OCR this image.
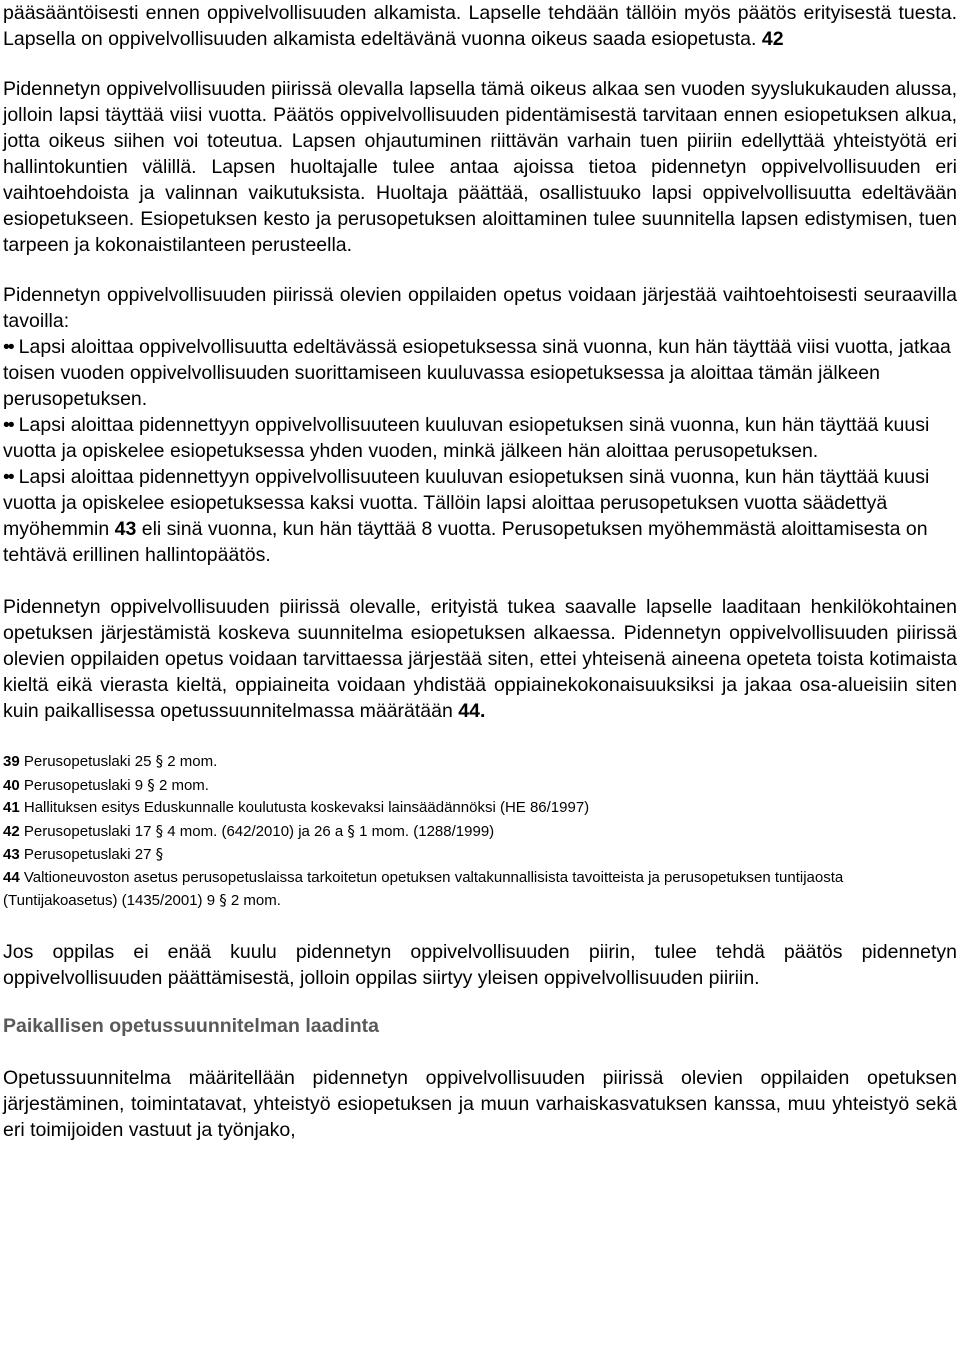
pääsääntöisesti ennen oppivelvollisuuden alkamista. Lapselle tehdään tällöin myös päätös erityisestä tuesta. Lapsella on oppivelvollisuuden alkamista edeltävänä vuonna oikeus saada esiopetusta. 42

Pidennetyn oppivelvollisuuden piirissä olevalla lapsella tämä oikeus alkaa sen vuoden syyslukukauden alussa, jolloin lapsi täyttää viisi vuotta. Päätös oppivelvollisuuden pidentämisestä tarvitaan ennen esiopetuksen alkua, jotta oikeus siihen voi toteutua. Lapsen ohjautuminen riittävän varhain tuen piiriin edellyttää yhteistyötä eri hallintokuntien välillä. Lapsen huoltajalle tulee antaa ajoissa tietoa pidennetyn oppivelvollisuuden eri vaihtoehdoista ja valinnan vaikutuksista. Huoltaja päättää, osallistuuko lapsi oppivelvollisuutta edeltävään esiopetukseen. Esiopetuksen kesto ja perusopetuksen aloittaminen tulee suunnitella lapsen edistymisen, tuen tarpeen ja kokonaistilanteen perusteella.

Pidennetyn oppivelvollisuuden piirissä olevien oppilaiden opetus voidaan järjestää vaihtoehtoisesti seuraavilla tavoilla:

•• Lapsi aloittaa oppivelvollisuutta edeltävässä esiopetuksessa sinä vuonna, kun hän täyttää viisi vuotta, jatkaa toisen vuoden oppivelvollisuuden suorittamiseen kuuluvassa esiopetuksessa ja aloittaa tämän jälkeen perusopetuksen.

•• Lapsi aloittaa pidennettyyn oppivelvollisuuteen kuuluvan esiopetuksen sinä vuonna, kun hän täyttää kuusi vuotta ja opiskelee esiopetuksessa yhden vuoden, minkä jälkeen hän aloittaa perusopetuksen.

•• Lapsi aloittaa pidennettyyn oppivelvollisuuteen kuuluvan esiopetuksen sinä vuonna, kun hän täyttää kuusi vuotta ja opiskelee esiopetuksessa kaksi vuotta. Tällöin lapsi aloittaa perusopetuksen vuotta säädettyä myöhemmin 43 eli sinä vuonna, kun hän täyttää 8 vuotta. Perusopetuksen myöhemmästä aloittamisesta on tehtävä erillinen hallintopäätös.

Pidennetyn oppivelvollisuuden piirissä olevalle, erityistä tukea saavalle lapselle laaditaan henkilökohtainen opetuksen järjestämistä koskeva suunnitelma esiopetuksen alkaessa. Pidennetyn oppivelvollisuuden piirissä olevien oppilaiden opetus voidaan tarvittaessa järjestää siten, ettei yhteisenä aineena opeteta toista kotimaista kieltä eikä vierasta kieltä, oppiaineita voidaan yhdistää oppiainekokonaisuuksiksi ja jakaa osa-alueisiin siten kuin paikallisessa opetussuunnitelmassa määrätään 44.

39 Perusopetuslaki 25 § 2 mom.

40 Perusopetuslaki 9 § 2 mom.

41 Hallituksen esitys Eduskunnalle koulutusta koskevaksi lainsäädännöksi (HE 86/1997)

42 Perusopetuslaki 17 § 4 mom. (642/2010) ja 26 a § 1 mom. (1288/1999)

43 Perusopetuslaki 27 §

44 Valtioneuvoston asetus perusopetuslaissa tarkoitetun opetuksen valtakunnallisista tavoitteista ja perusopetuksen tuntijaosta (Tuntijakoasetus) (1435/2001) 9 § 2 mom.

Jos oppilas ei enää kuulu pidennetyn oppivelvollisuuden piirin, tulee tehdä päätös pidennetyn oppivelvollisuuden päättämisestä, jolloin oppilas siirtyy yleisen oppivelvollisuuden piiriin.

Paikallisen opetussuunnitelman laadinta

Opetussuunnitelma määritellään pidennetyn oppivelvollisuuden piirissä olevien oppilaiden opetuksen järjestäminen, toimintatavat, yhteistyö esiopetuksen ja muun varhaiskasvatuksen kanssa, muu yhteistyö sekä eri toimijoiden vastuut ja työnjako,
